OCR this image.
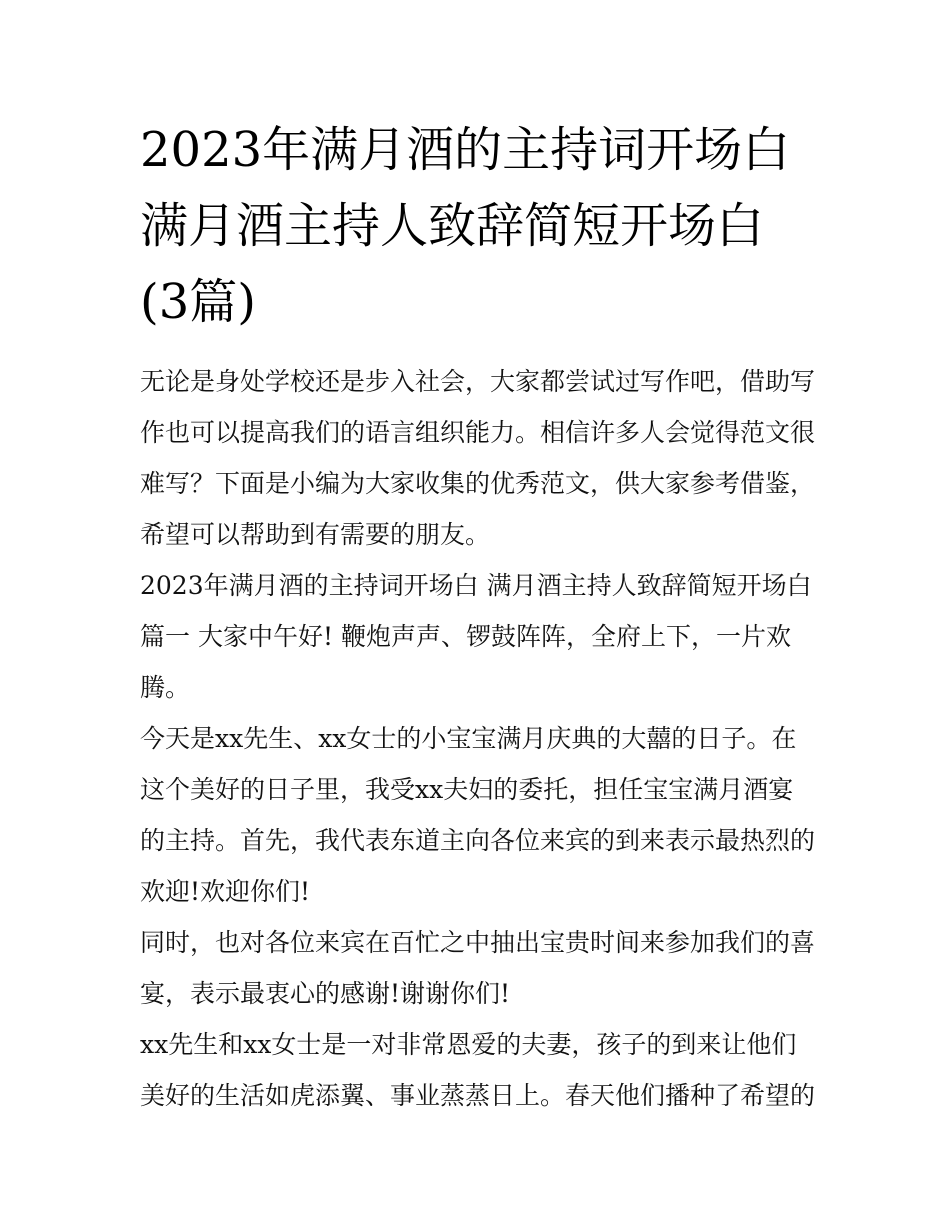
2023年满月酒的主持词开场白
满月酒主持人致辞简短开场白
(3篇)

无论是身处学校还是步入社会，大家都尝试过写作吧，借助写
作也可以提高我们的语言组织能力。相信许多人会觉得范文很
难写？下面是小编为大家收集的优秀范文，供大家参考借鉴，
希望可以帮助到有需要的朋友。

2023年满月酒的主持词开场白 满月酒主持人致辞简短开场白
篇一 大家中午好! 鞭炮声声、锣鼓阵阵，全府上下，一片欢
腾。

今天是xx先生、xx女士的小宝宝满月庆典的大囍的日子。在
这个美好的日子里，我受xx夫妇的委托，担任宝宝满月酒宴
的主持。首先，我代表东道主向各位来宾的到来表示最热烈的
欢迎!欢迎你们!

同时，也对各位来宾在百忙之中抽出宝贵时间来参加我们的喜
宴，表示最衷心的感谢!谢谢你们!

xx先生和xx女士是一对非常恩爱的夫妻，孩子的到来让他们
美好的生活如虎添翼、事业蒸蒸日上。春天他们播种了希望的
